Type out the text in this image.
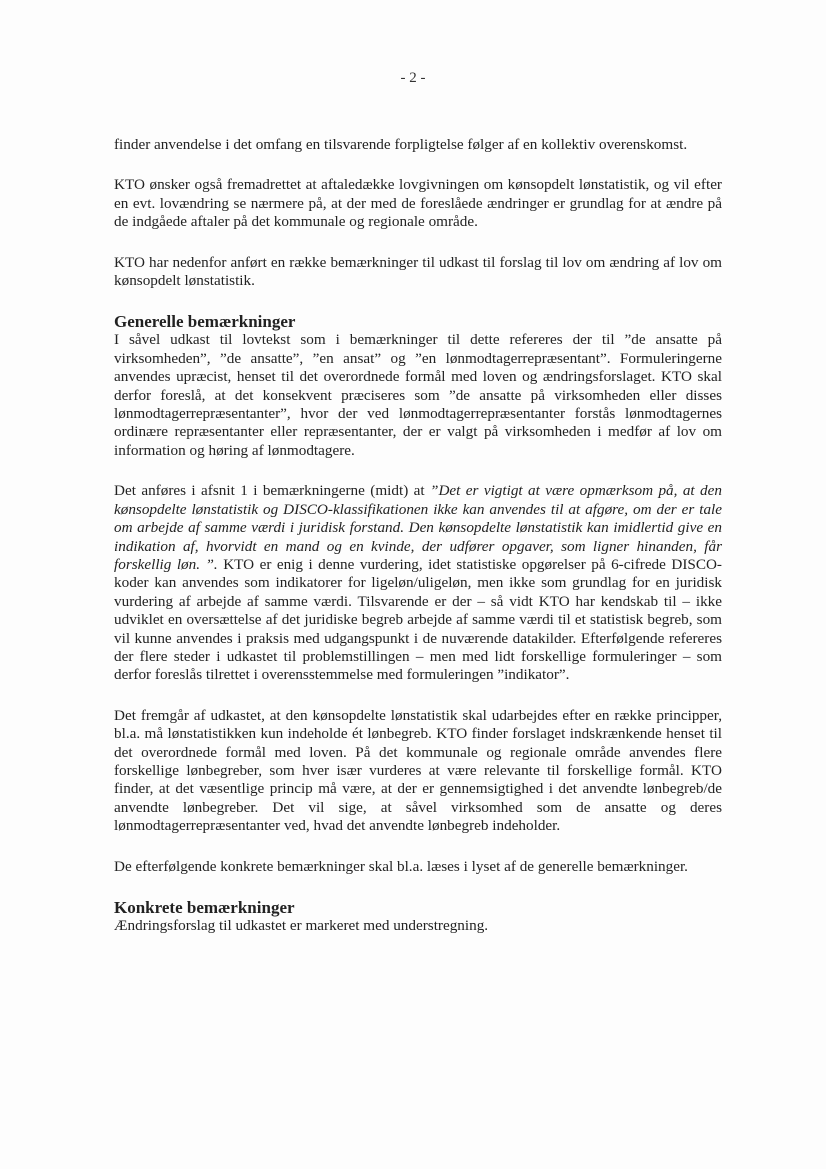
- 2 -

finder anvendelse i det omfang en tilsvarende forpligtelse følger af en kollektiv overenskomst.

KTO ønsker også fremadrettet at aftaledække lovgivningen om kønsopdelt lønstatistik, og vil efter en evt. lovændring se nærmere på, at der med de foreslåede ændringer er grundlag for at ændre på de indgåede aftaler på det kommunale og regionale område.

KTO har nedenfor anført en række bemærkninger til udkast til forslag til lov om ændring af lov om kønsopdelt lønstatistik.

Generelle bemærkninger

I såvel udkast til lovtekst som i bemærkninger til dette refereres der til ”de ansatte på virksomheden”, ”de ansatte”, ”en ansat” og ”en lønmodtagerrepræsentant”. Formuleringerne anvendes upræcist, henset til det overordnede formål med loven og ændringsforslaget. KTO skal derfor foreslå, at det konsekvent præciseres som ”de ansatte på virksomheden eller disses lønmodtagerrepræsentanter”, hvor der ved lønmodtagerrepræsentanter forstås lønmodtagernes ordinære repræsentanter eller repræsentanter, der er valgt på virksomheden i medfør af lov om information og høring af lønmodtagere.

Det anføres i afsnit 1 i bemærkningerne (midt) at ”Det er vigtigt at være opmærksom på, at den kønsopdelte lønstatistik og DISCO-klassifikationen ikke kan anvendes til at afgøre, om der er tale om arbejde af samme værdi i juridisk forstand. Den kønsopdelte lønstatistik kan imidlertid give en indikation af, hvorvidt en mand og en kvinde, der udfører opgaver, som ligner hinanden, får forskellig løn. ”. KTO er enig i denne vurdering, idet statistiske opgørelser på 6-cifrede DISCO-koder kan anvendes som indikatorer for ligeløn/uligeløn, men ikke som grundlag for en juridisk vurdering af arbejde af samme værdi. Tilsvarende er der – så vidt KTO har kendskab til – ikke udviklet en oversættelse af det juridiske begreb arbejde af samme værdi til et statistisk begreb, som vil kunne anvendes i praksis med udgangspunkt i de nuværende datakilder. Efterfølgende refereres der flere steder i udkastet til problemstillingen – men med lidt forskellige formuleringer – som derfor foreslås tilrettet i overensstemmelse med formuleringen ”indikator”.

Det fremgår af udkastet, at den kønsopdelte lønstatistik skal udarbejdes efter en række principper, bl.a. må lønstatistikken kun indeholde ét lønbegreb. KTO finder forslaget indskrænkende henset til det overordnede formål med loven. På det kommunale og regionale område anvendes flere forskellige lønbegreber, som hver især vurderes at være relevante til forskellige formål. KTO finder, at det væsentlige princip må være, at der er gennemsigtighed i det anvendte lønbegreb/de anvendte lønbegreber. Det vil sige, at såvel virksomhed som de ansatte og deres lønmodtagerrepræsentanter ved, hvad det anvendte lønbegreb indeholder.

De efterfølgende konkrete bemærkninger skal bl.a. læses i lyset af de generelle bemærkninger.

Konkrete bemærkninger

Ændringsforslag til udkastet er markeret med understregning.
